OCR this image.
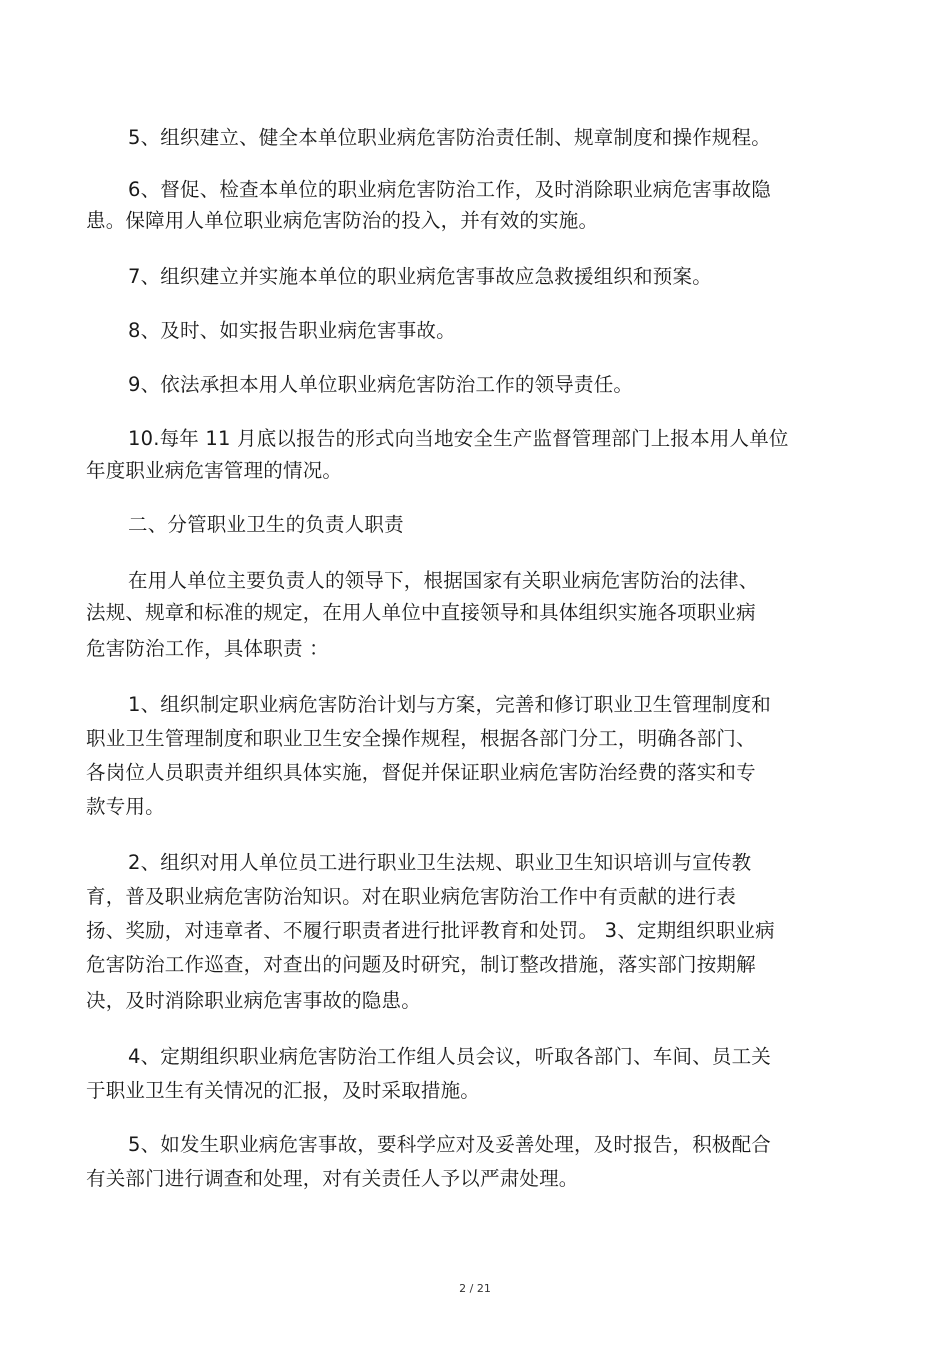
5、组织建立、健全本单位职业病危害防治责任制、规章制度和操作规程。
6、督促、检查本单位的职业病危害防治工作，及时消除职业病危害事故隐
患。保障用人单位职业病危害防治的投入，并有效的实施。
7、组织建立并实施本单位的职业病危害事故应急救援组织和预案。
8、及时、如实报告职业病危害事故。
9、依法承担本用人单位职业病危害防治工作的领导责任。
10.每年 11 月底以报告的形式向当地安全生产监督管理部门上报本用人单位
年度职业病危害管理的情况。
二、分管职业卫生的负责人职责
在用人单位主要负责人的领导下，根据国家有关职业病危害防治的法律、
法规、规章和标准的规定，在用人单位中直接领导和具体组织实施各项职业病
危害防治工作，具体职责 ：
1、组织制定职业病危害防治计划与方案，完善和修订职业卫生管理制度和
职业卫生管理制度和职业卫生安全操作规程，根据各部门分工，明确各部门、
各岗位人员职责并组织具体实施，督促并保证职业病危害防治经费的落实和专
款专用。
2、组织对用人单位员工进行职业卫生法规、职业卫生知识培训与宣传教
育，普及职业病危害防治知识。对在职业病危害防治工作中有贡献的进行表
扬、奖励，对违章者、不履行职责者进行批评教育和处罚。 3、定期组织职业病
危害防治工作巡查，对查出的问题及时研究，制订整改措施，落实部门按期解
决，及时消除职业病危害事故的隐患。
4、定期组织职业病危害防治工作组人员会议，听取各部门、车间、员工关
于职业卫生有关情况的汇报，及时采取措施。
5、如发生职业病危害事故，要科学应对及妥善处理，及时报告，积极配合
有关部门进行调查和处理，对有关责任人予以严肃处理。
2 / 21
